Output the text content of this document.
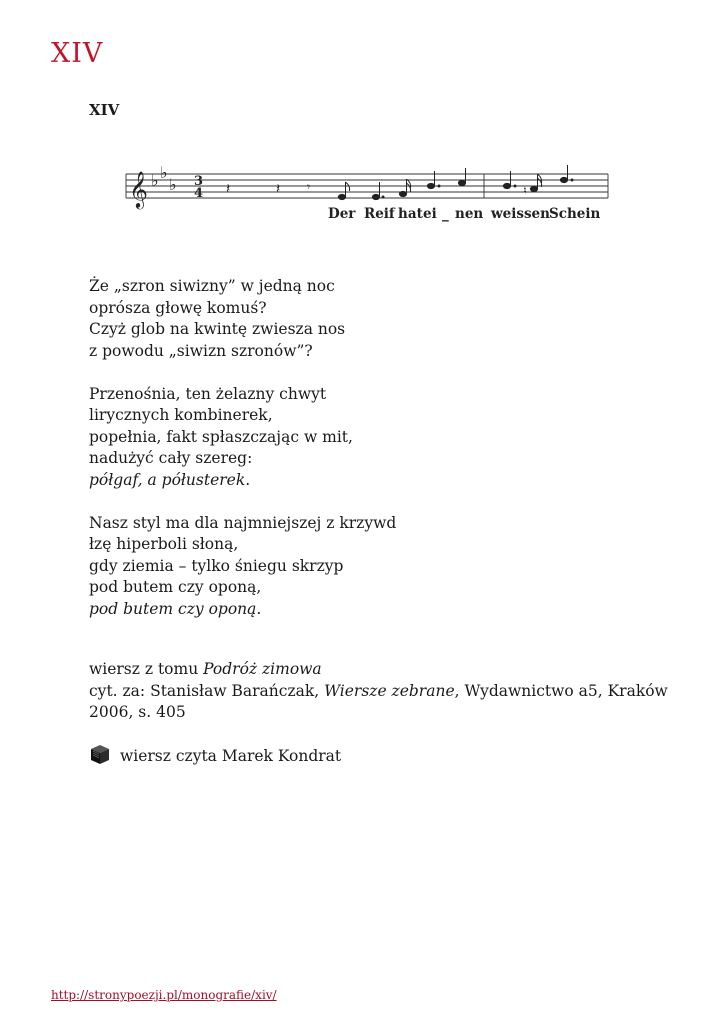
XIV
XIV
𝄞 ♭ ♭
♭ 3
4 𝄽	𝄽 𝄾	♮
Der Reif hat ei _ nen weissen Schein
Że „szron siwizny” w jedną noc
oprósza głowę komuś?
Czyż glob na kwintę zwiesza nos
z powodu „siwizn szronów”?
Przenośnia, ten żelazny chwyt
lirycznych kombinerek,
popełnia, fakt spłaszczając w mit,
nadużyć cały szereg:
półgaf, a półusterek.
Nasz styl ma dla najmniejszej z krzywd
łzę hiperboli słoną,
gdy ziemia – tylko śniegu skrzyp
pod butem czy oponą,
pod butem czy oponą.
wiersz z tomu Podróż zimowa
cyt. za: Stanisław Barańczak, Wiersze zebrane, Wydawnictwo a5, Kraków 2006, s. 405
wiersz czyta Marek Kondrat
http://stronypoezji.pl/monografie/xiv/
